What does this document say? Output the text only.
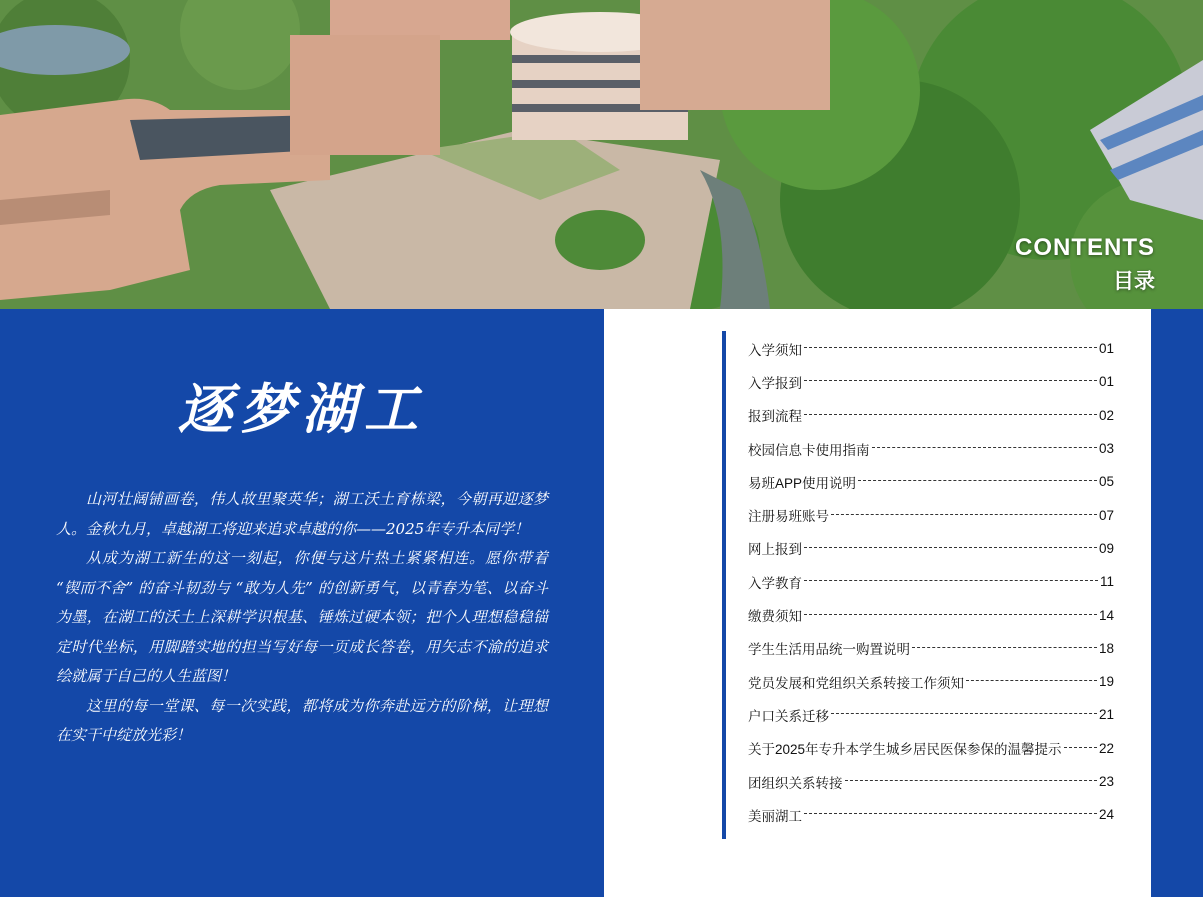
CONTENTS
目录
逐梦湖工

山河壮阔铺画卷，伟人故里聚英华；湖工沃土育栋梁，今朝再迎逐梦人。金秋九月，卓越湖工将迎来追求卓越的你——2025年专升本同学！

从成为湖工新生的这一刻起，你便与这片热土紧紧相连。愿你带着 “锲而不舍” 的奋斗韧劲与 “敢为人先” 的创新勇气，以青春为笔、以奋斗为墨，在湖工的沃土上深耕学识根基、锤炼过硬本领；把个人理想稳稳锚定时代坐标，用脚踏实地的担当写好每一页成长答卷，用矢志不渝的追求绘就属于自己的人生蓝图！

这里的每一堂课、每一次实践，都将成为你奔赴远方的阶梯，让理想在实干中绽放光彩！

入学须知	01
入学报到	01
报到流程	02
校园信息卡使用指南	03
易班APP使用说明	05
注册易班账号	07
网上报到	09
入学教育	11
缴费须知	14
学生生活用品统一购置说明	18
党员发展和党组织关系转接工作须知	19
户口关系迁移	21
关于2025年专升本学生城乡居民医保参保的温馨提示	22
团组织关系转接	23
美丽湖工	24
